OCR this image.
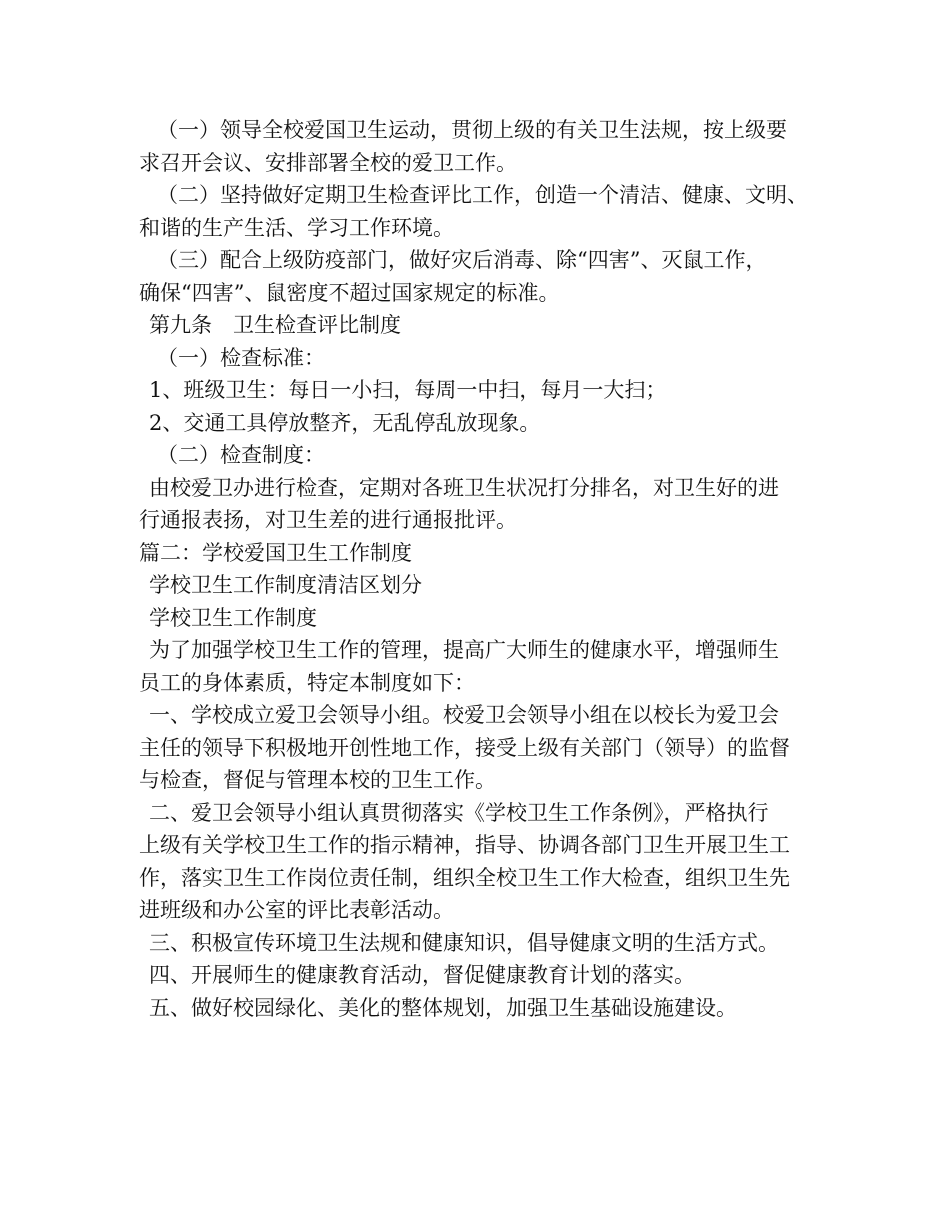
（一）领导全校爱国卫生运动，贯彻上级的有关卫生法规，按上级要
求召开会议、安排部署全校的爱卫工作。
（二）坚持做好定期卫生检查评比工作，创造一个清洁、健康、文明、
和谐的生产生活、学习工作环境。
（三）配合上级防疫部门，做好灾后消毒、除“四害”、灭鼠工作，
确保“四害”、鼠密度不超过国家规定的标准。
第九条　卫生检查评比制度
（一）检查标准：
1、班级卫生：每日一小扫，每周一中扫，每月一大扫；
2、交通工具停放整齐，无乱停乱放现象。
（二）检查制度：
由校爱卫办进行检查，定期对各班卫生状况打分排名，对卫生好的进
行通报表扬，对卫生差的进行通报批评。
篇二：学校爱国卫生工作制度
学校卫生工作制度清洁区划分
学校卫生工作制度
为了加强学校卫生工作的管理，提高广大师生的健康水平，增强师生
员工的身体素质，特定本制度如下：
一、学校成立爱卫会领导小组。校爱卫会领导小组在以校长为爱卫会
主任的领导下积极地开创性地工作，接受上级有关部门（领导）的监督
与检查，督促与管理本校的卫生工作。
二、爱卫会领导小组认真贯彻落实《学校卫生工作条例》，严格执行
上级有关学校卫生工作的指示精神，指导、协调各部门卫生开展卫生工
作，落实卫生工作岗位责任制，组织全校卫生工作大检查，组织卫生先
进班级和办公室的评比表彰活动。
三、积极宣传环境卫生法规和健康知识，倡导健康文明的生活方式。
四、开展师生的健康教育活动，督促健康教育计划的落实。
五、做好校园绿化、美化的整体规划，加强卫生基础设施建设。
